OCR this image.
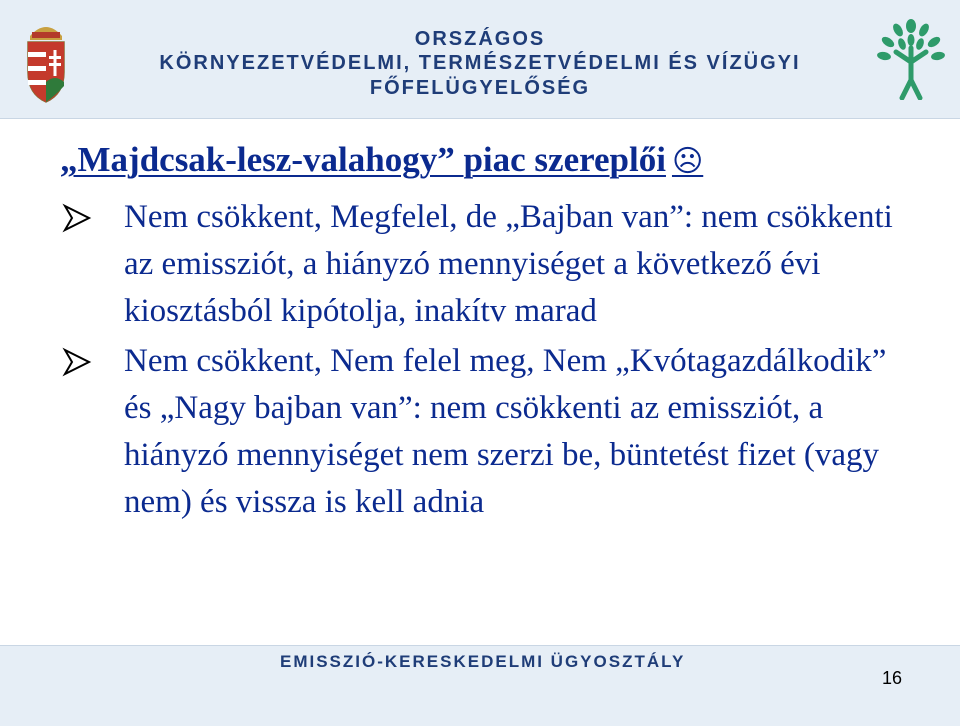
ORSZÁGOS
KÖRNYEZETVÉDELMI, TERMÉSZETVÉDELMI ÉS VÍZÜGYI
FŐFELÜGYELŐSÉG
„Majdcsak-lesz-valahogy” piac szereplői ☹
Nem csökkent, Megfelel, de „Bajban van”: nem csökkenti az emissziót, a hiányzó mennyiséget a következő évi kiosztásból kipótolja, inakítv marad
Nem csökkent, Nem felel meg, Nem „Kvótagazdálkodik” és „Nagy bajban van”: nem csökkenti az emissziót, a hiányzó mennyiséget nem szerzi be, büntetést fizet (vagy nem) és vissza is kell adnia
EMISSZIÓ-KERESKEDELMI ÜGYOSZTÁLY
16
